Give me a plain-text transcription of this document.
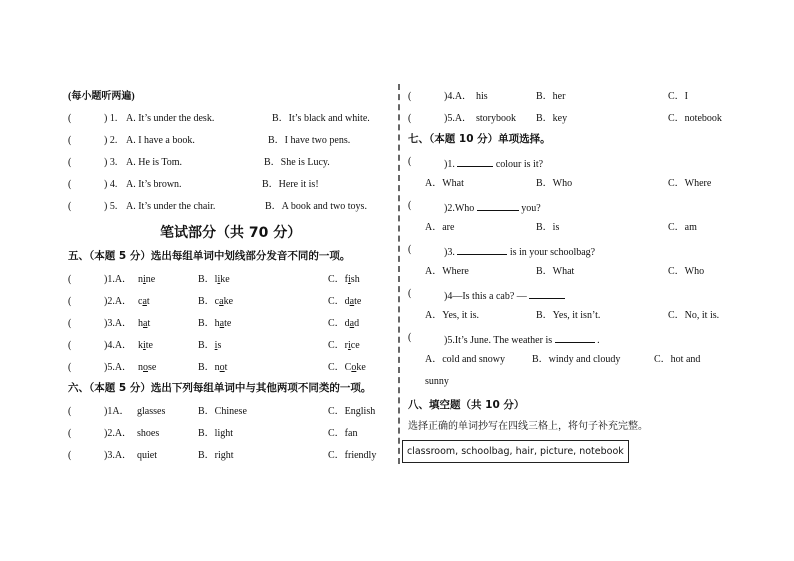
(每小题听两遍)
(	) 1. A. It’s under the desk.	B．It’s black and white.
(	) 2. A. I have a book.	B．I have two pens.
(	) 3. A. He is Tom.	B．She is Lucy.
(	) 4. A. It’s brown.	B．Here it is!
(	) 5. A. It’s under the chair.	B．A book and two toys.
笔试部分（共 70 分）
五、（本题 5 分）选出每组单词中划线部分发音不同的一项。
(	)1.A． nine	B．like	C．fish
(	)2.A． cat	B．cake	C．date
(	)3.A． hat	B．hate	C．dad
(	)4.A． kite	B．is	C．rice
(	)5.A． nose	B．not	C．Coke
六、（本题 5 分）选出下列每组单词中与其他两项不同类的一项。
(	)1A． glasses	B．Chinese	C．English
(	)2.A． shoes	B．light	C．fan
(	)3.A． quiet	B．right	C．friendly
(	)4.A． his	B．her	C．I
(	)5.A． storybook B．key	C．notebook
七、（本题 10 分）单项选择。
(	)1.	colour is it?
A．What	B．Who	C．Where
(	)2.Who	you?
A．are	B．is	C．am
(	)3.	is in your schoolbag?
A．Where	B．What	C．Who
(	)4—Is this a cab? —
A．Yes, it is.	B．Yes, it isn’t.	C．No, it is.
(	)5.It’s June. The weather is	.
A．cold and snowy	B．windy and cloudy	C．hot and
sunny
八、填空题（共 10 分）
选择正确的单词抄写在四线三格上，将句子补充完整。
classroom, schoolbag, hair, picture, notebook
